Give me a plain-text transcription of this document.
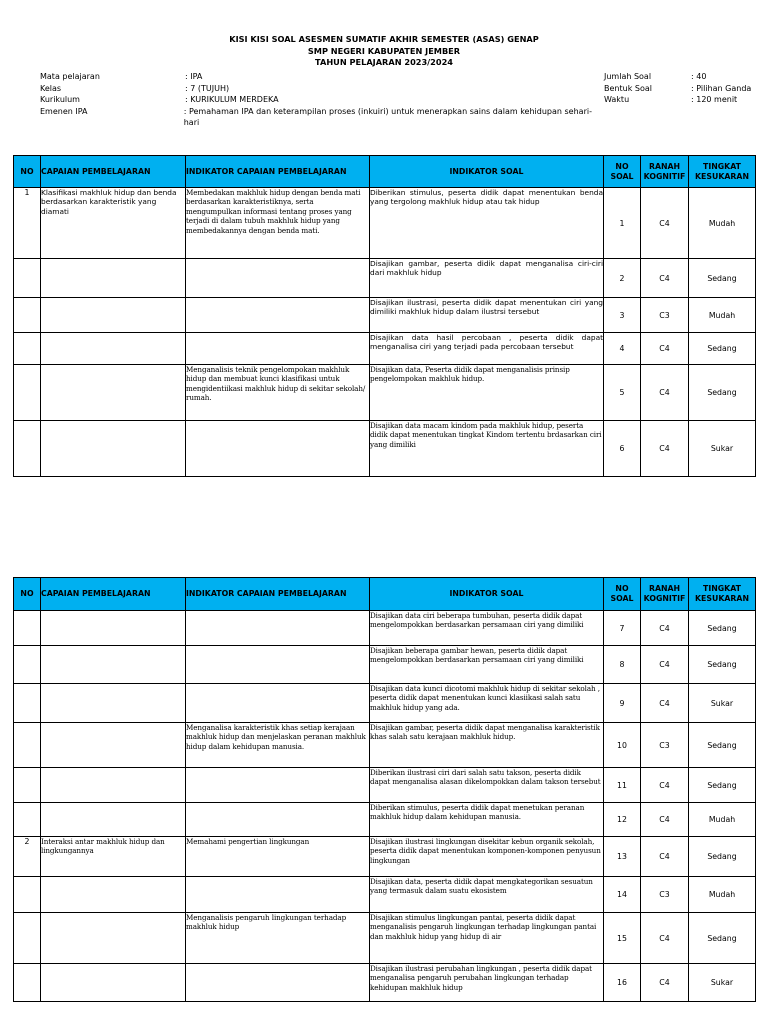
KISI KISI SOAL ASESMEN SUMATIF AKHIR SEMESTER (ASAS) GENAP
SMP NEGERI KABUPATEN JEMBER
TAHUN PELAJARAN 2023/2024
Mata pelajaran	: IPA
Kelas	: 7 (TUJUH)
Kurikulum	: KURIKULUM MERDEKA
Emenen IPA	: Pemahaman IPA dan keterampilan proses (inkuiri) untuk menerapkan sains dalam kehidupan sehari-hari
Jumlah Soal	: 40
Bentuk Soal	: Pilihan Ganda
Waktu	: 120 menit
NO	CAPAIAN PEMBELAJARAN	INDIKATOR CAPAIAN PEMBELAJARAN	INDIKATOR SOAL	NO SOAL	RANAH KOGNITIF	TINGKAT KESUKARAN
1	Klasifikasi makhluk hidup dan benda berdasarkan karakteristik yang diamati	Membedakan makhluk hidup dengan benda mati berdasarkan karakteristiknya, serta mengumpulkan informasi tentang proses yang terjadi di dalam tubuh makhluk hidup yang membedakannya dengan benda mati.	Diberikan stimulus, peserta didik dapat menentukan benda yang tergolong makhluk hidup atau tak hidup	1	C4	Mudah
			Disajikan gambar, peserta didik dapat menganalisa ciri-ciri dari makhluk hidup	2	C4	Sedang
			Disajikan ilustrasi, peserta didik dapat menentukan ciri yang dimiliki makhluk hidup dalam ilustrsi tersebut	3	C3	Mudah
			Disajikan data hasil percobaan , peserta didik dapat menganalisa ciri yang terjadi pada percobaan tersebut	4	C4	Sedang
		Menganalisis teknik pengelompokan makhluk hidup dan membuat kunci klasifikasi untuk mengidentiikasi makhluk hidup di sekitar sekolah/ rumah.	Disajikan data, Peserta didik dapat menganalisis prinsip pengelompokan makhluk hidup.	5	C4	Sedang
			Disajikan data macam kindom pada makhluk hidup, peserta didik dapat menentukan tingkat Kindom tertentu brdasarkan ciri yang dimiliki	6	C4	Sukar
NO	CAPAIAN PEMBELAJARAN	INDIKATOR CAPAIAN PEMBELAJARAN	INDIKATOR SOAL	NO SOAL	RANAH KOGNITIF	TINGKAT KESUKARAN
			Disajikan data ciri beberapa tumbuhan, peserta didik dapat mengelompokkan berdasarkan persamaan ciri yang dimiliki	7	C4	Sedang
			Disajikan beberapa gambar hewan, peserta didik dapat mengelompokkan berdasarkan persamaan ciri yang dimiliki	8	C4	Sedang
			Disajikan data kunci dicotomi makhluk hidup di sekitar sekolah , peserta didik dapat menentukan kunci klasiikasi salah satu makhluk hidup yang ada.	9	C4	Sukar
		Menganalisa karakteristik khas setiap kerajaan makhluk hidup dan menjelaskan peranan makhluk hidup dalam kehidupan manusia.	Disajikan gambar, peserta didik dapat menganalisa karakteristik khas salah satu kerajaan makhluk hidup.	10	C3	Sedang
			Diberikan ilustrasi ciri dari salah satu takson, peserta didik dapat menganalisa alasan dikelompokkan dalam takson tersebut	11	C4	Sedang
			Diberikan stimulus, peserta didik dapat menetukan peranan makhluk hidup dalam kehidupan manusia.	12	C4	Mudah
2	Interaksi antar makhluk hidup dan lingkungannya	Memahami pengertian lingkungan	Disajikan ilustrasi lingkungan disekitar kebun organik sekolah, peserta didik dapat menentukan komponen-komponen penyusun lingkungan	13	C4	Sedang
			Disajikan data, peserta didik dapat mengkategorikan sesuatun yang termasuk dalam suatu ekosistem	14	C3	Mudah
		Menganalisis pengaruh lingkungan terhadap makhluk hidup	Disajikan stimulus lingkungan pantai, peserta didik dapat menganalisis pengaruh lingkungan terhadap lingkungan pantai dan makhluk hidup yang hidup di air	15	C4	Sedang
			Disajikan ilustrasi perubahan lingkungan , peserta didik dapat menganalisa pengaruh perubahan lingkungan terhadap kehidupan makhluk hidup	16	C4	Sukar
